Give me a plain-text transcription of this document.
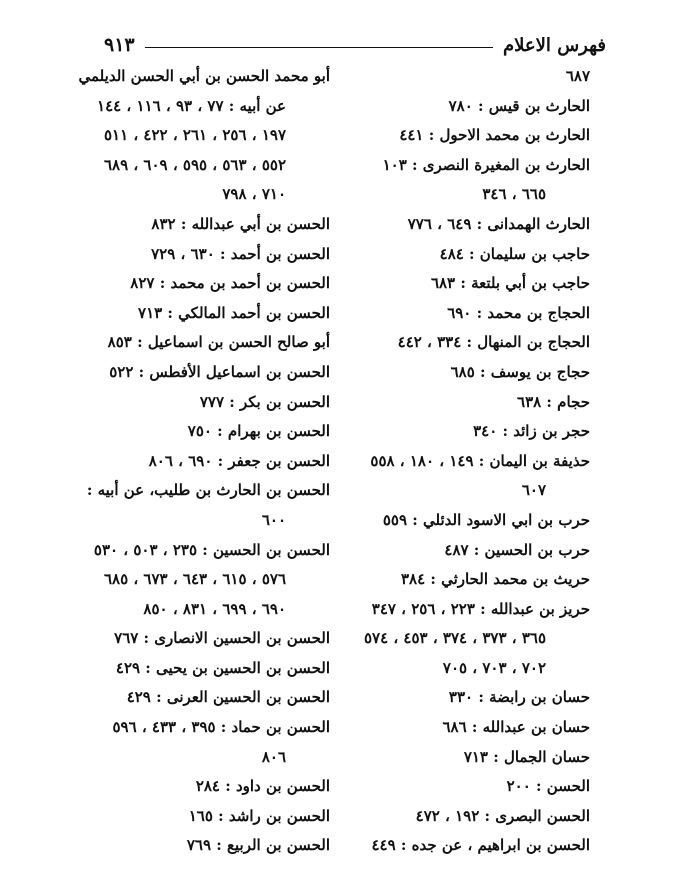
فهرس الاعلام
٩١٣
٦٨٧
الحارث بن قيس : ٧٨٠
الحارث بن محمد الاحول : ٤٤١
الحارث بن المغيرة النصرى : ١٠٣
٦٦٥ ، ٣٤٦
الحارث الهمدانى : ٦٤٩ ، ٧٧٦
حاجب بن سليمان : ٤٨٤
حاجب بن أبي بلتعة : ٦٨٣
الحجاج بن محمد : ٦٩٠
الحجاج بن المنهال : ٣٣٤ ، ٤٤٢
حجاج بن يوسف : ٦٨٥
حجام : ٦٣٨
حجر بن زائد : ٣٤٠
حذيفة بن اليمان : ١٤٩ ، ١٨٠ ، ٥٥٨
٦٠٧
حرب بن ابي الاسود الدئلي : ٥٥٩
حرب بن الحسين : ٤٨٧
حريث بن محمد الحارثي : ٣٨٤
حريز بن عبدالله : ٢٢٣ ، ٢٥٦ ، ٣٤٧
٣٦٥ ، ٣٧٣ ، ٣٧٤ ، ٤٥٣ ، ٥٧٤
٧٠٢ ، ٧٠٣ ، ٧٠٥
حسان بن رابضة : ٣٣٠
حسان بن عبدالله : ٦٨٦
حسان الجمال : ٧١٣
الحسن : ٢٠٠
الحسن البصرى : ١٩٢ ، ٤٧٢
الحسن بن ابراهيم ، عن جده : ٤٤٩
أبو محمد الحسن بن أبي الحسن الديلمي
عن أبيه : ٧٧ ، ٩٣ ، ١١٦ ، ١٤٤
١٩٧ ، ٢٥٦ ، ٢٦١ ، ٤٢٢ ، ٥١١
٥٥٢ ، ٥٦٣ ، ٥٩٥ ، ٦٠٩ ، ٦٨٩
٧١٠ ، ٧٩٨
الحسن بن أبي عبدالله : ٨٣٢
الحسن بن أحمد : ٦٣٠ ، ٧٢٩
الحسن بن أحمد بن محمد : ٨٢٧
الحسن بن أحمد المالكي : ٧١٣
أبو صالح الحسن بن اسماعيل : ٨٥٣
الحسن بن اسماعيل الأفطس : ٥٢٢
الحسن بن بكر : ٧٧٧
الحسن بن بهرام : ٧٥٠
الحسن بن جعفر : ٦٩٠ ، ٨٠٦
الحسن بن الحارث بن طليب، عن أبيه :
٦٠٠
الحسن بن الحسين : ٢٣٥ ، ٥٠٣ ، ٥٣٠
٥٧٦ ، ٦١٥ ، ٦٤٣ ، ٦٧٣ ، ٦٨٥
٦٩٠ ، ٦٩٩ ، ٨٣١ ، ٨٥٠
الحسن بن الحسين الانصارى : ٧٦٧
الحسن بن الحسين بن يحيى : ٤٢٩
الحسن بن الحسين العرنى : ٤٢٩
الحسن بن حماد : ٣٩٥ ، ٤٣٣ ، ٥٩٦
٨٠٦
الحسن بن داود : ٢٨٤
الحسن بن راشد : ١٦٥
الحسن بن الربيع : ٧٦٩
